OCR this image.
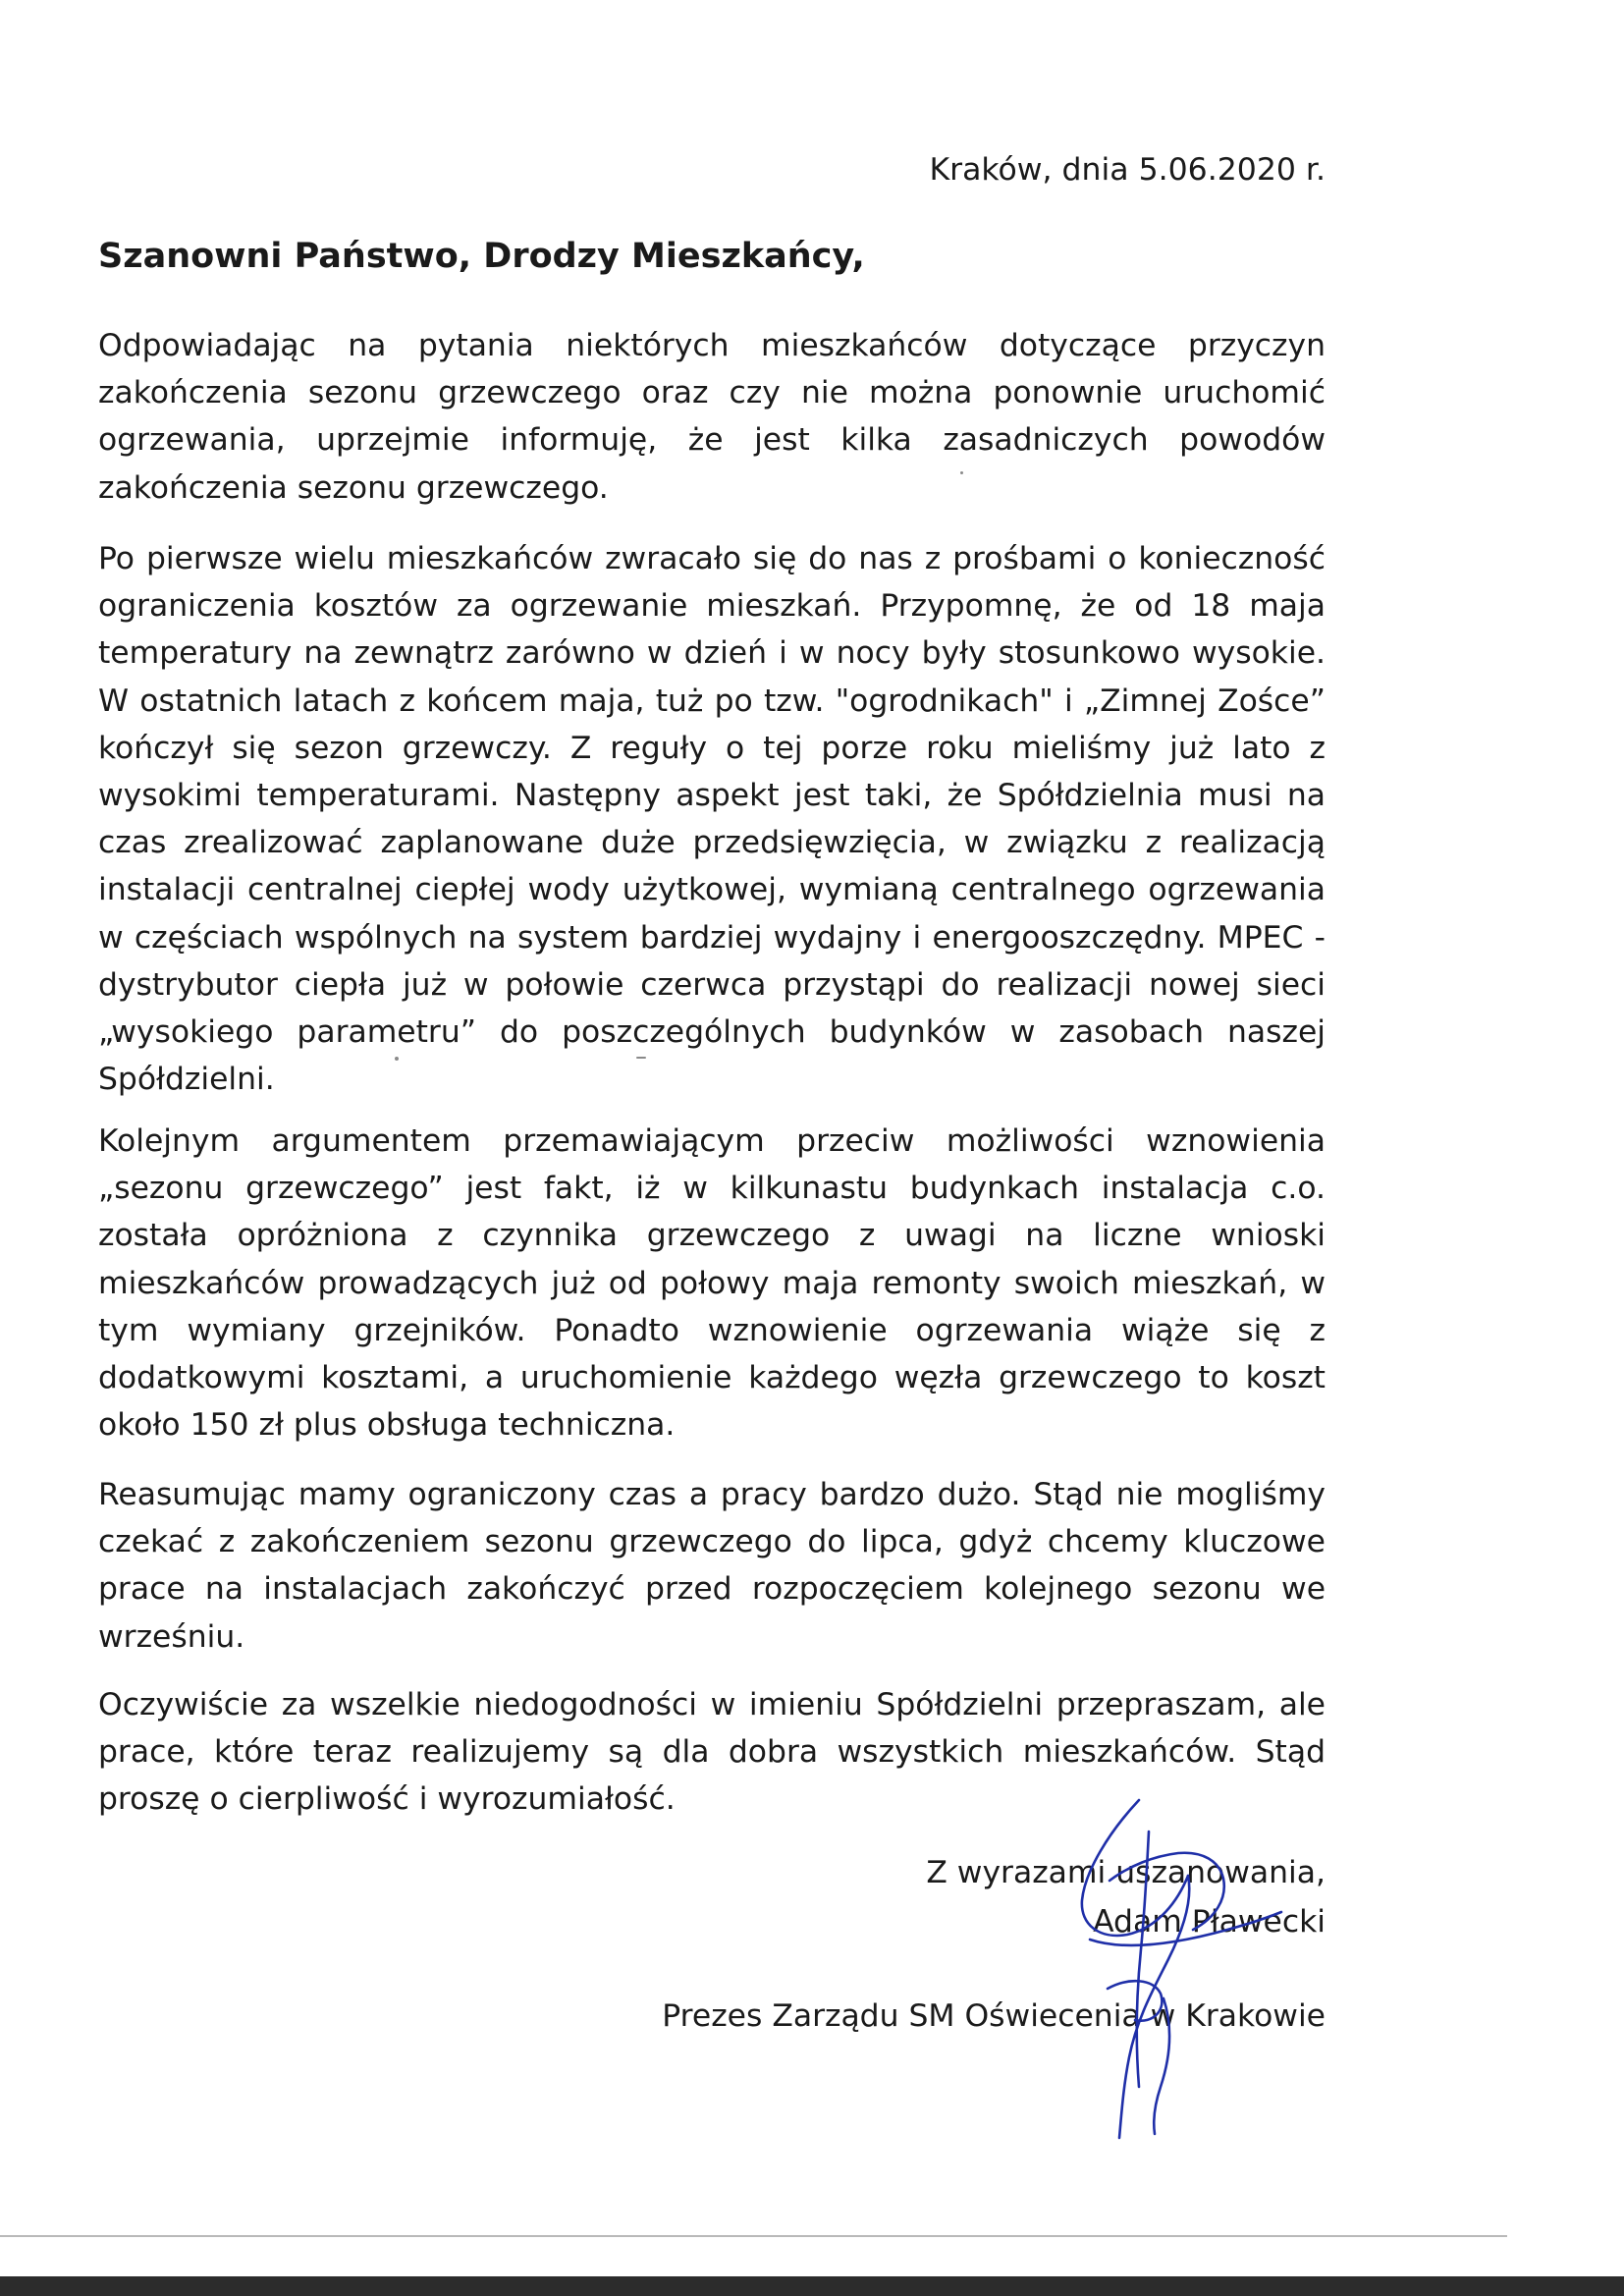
Kraków, dnia 5.06.2020 r.

Szanowni Państwo, Drodzy Mieszkańcy,

Odpowiadając na pytania niektórych mieszkańców dotyczące przyczyn zakończenia sezonu grzewczego oraz czy nie można ponownie uruchomić ogrzewania, uprzejmie informuję, że jest kilka zasadniczych powodów zakończenia sezonu grzewczego.

Po pierwsze wielu mieszkańców zwracało się do nas z prośbami o konieczność ograniczenia kosztów za ogrzewanie mieszkań. Przypomnę, że od 18 maja temperatury na zewnątrz zarówno w dzień i w nocy były stosunkowo wysokie. W ostatnich latach z końcem maja, tuż po tzw. "ogrodnikach" i „Zimnej Zośce” kończył się sezon grzewczy. Z reguły o tej porze roku mieliśmy już lato z wysokimi temperaturami. Następny aspekt jest taki, że Spółdzielnia musi na czas zrealizować zaplanowane duże przedsięwzięcia, w związku z realizacją instalacji centralnej ciepłej wody użytkowej, wymianą centralnego ogrzewania w częściach wspólnych na system bardziej wydajny i energooszczędny. MPEC - dystrybutor ciepła już w połowie czerwca przystąpi do realizacji nowej sieci „wysokiego parametru” do poszczególnych budynków w zasobach naszej Spółdzielni.

Kolejnym argumentem przemawiającym przeciw możliwości wznowienia „sezonu grzewczego” jest fakt, iż w kilkunastu budynkach instalacja c.o. została opróżniona z czynnika grzewczego z uwagi na liczne wnioski mieszkańców prowadzących już od połowy maja remonty swoich mieszkań, w tym wymiany grzejników. Ponadto wznowienie ogrzewania wiąże się z dodatkowymi kosztami, a uruchomienie każdego węzła grzewczego to koszt około 150 zł plus obsługa techniczna.

Reasumując mamy ograniczony czas a pracy bardzo dużo. Stąd nie mogliśmy czekać z zakończeniem sezonu grzewczego do lipca, gdyż chcemy kluczowe prace na instalacjach zakończyć przed rozpoczęciem kolejnego sezonu we wrześniu.

Oczywiście za wszelkie niedogodności w imieniu Spółdzielni przepraszam, ale prace, które teraz realizujemy są dla dobra wszystkich mieszkańców. Stąd proszę o cierpliwość i wyrozumiałość.

Z wyrazami uszanowania,

Adam Pławecki

Prezes Zarządu SM Oświecenia w Krakowie
